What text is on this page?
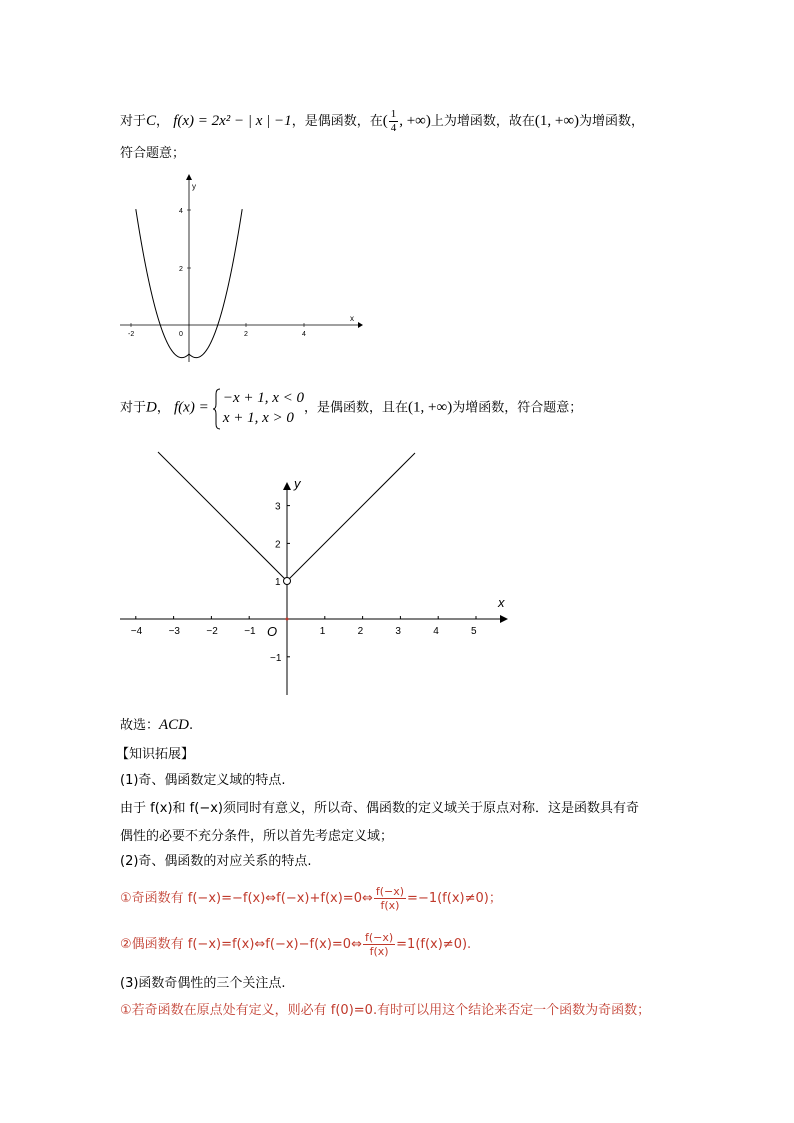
对于C， f(x) = 2x² − | x | −1，是偶函数，在( $\frac{1}{4}$ , +∞)上为增函数，故在(1, +∞)为增函数，
符合题意；
x
y
-2	0	2	4
4
2
对于D， f(x) =
−x + 1, x < 0
x + 1, x > 0
，是偶函数，且在(1, +∞)为增函数，符合题意；
x
y
O
−4	−3	−2	−1	1	2	3	4	5
3
2
1
−1
故选：ACD.
【知识拓展】
(1)奇、偶函数定义域的特点.
由于 f(x)和 f(−x)须同时有意义，所以奇、偶函数的定义域关于原点对称．这是函数具有奇
偶性的必要不充分条件，所以首先考虑定义域；
(2)奇、偶函数的对应关系的特点.
①奇函数有 f(−x)=−f(x)⇔f(−x)+f(x)=0⇔ $\frac{f(-x)}{f(x)} =-1(f(x)\ne 0)$；
②偶函数有 f(−x)=f(x)⇔f(−x)−f(x)=0⇔ $\frac{f(-x)}{f(x)} =1(f(x)\ne 0)$.
(3)函数奇偶性的三个关注点.
①若奇函数在原点处有定义，则必有 f(0)=0.有时可以用这个结论来否定一个函数为奇函数；
